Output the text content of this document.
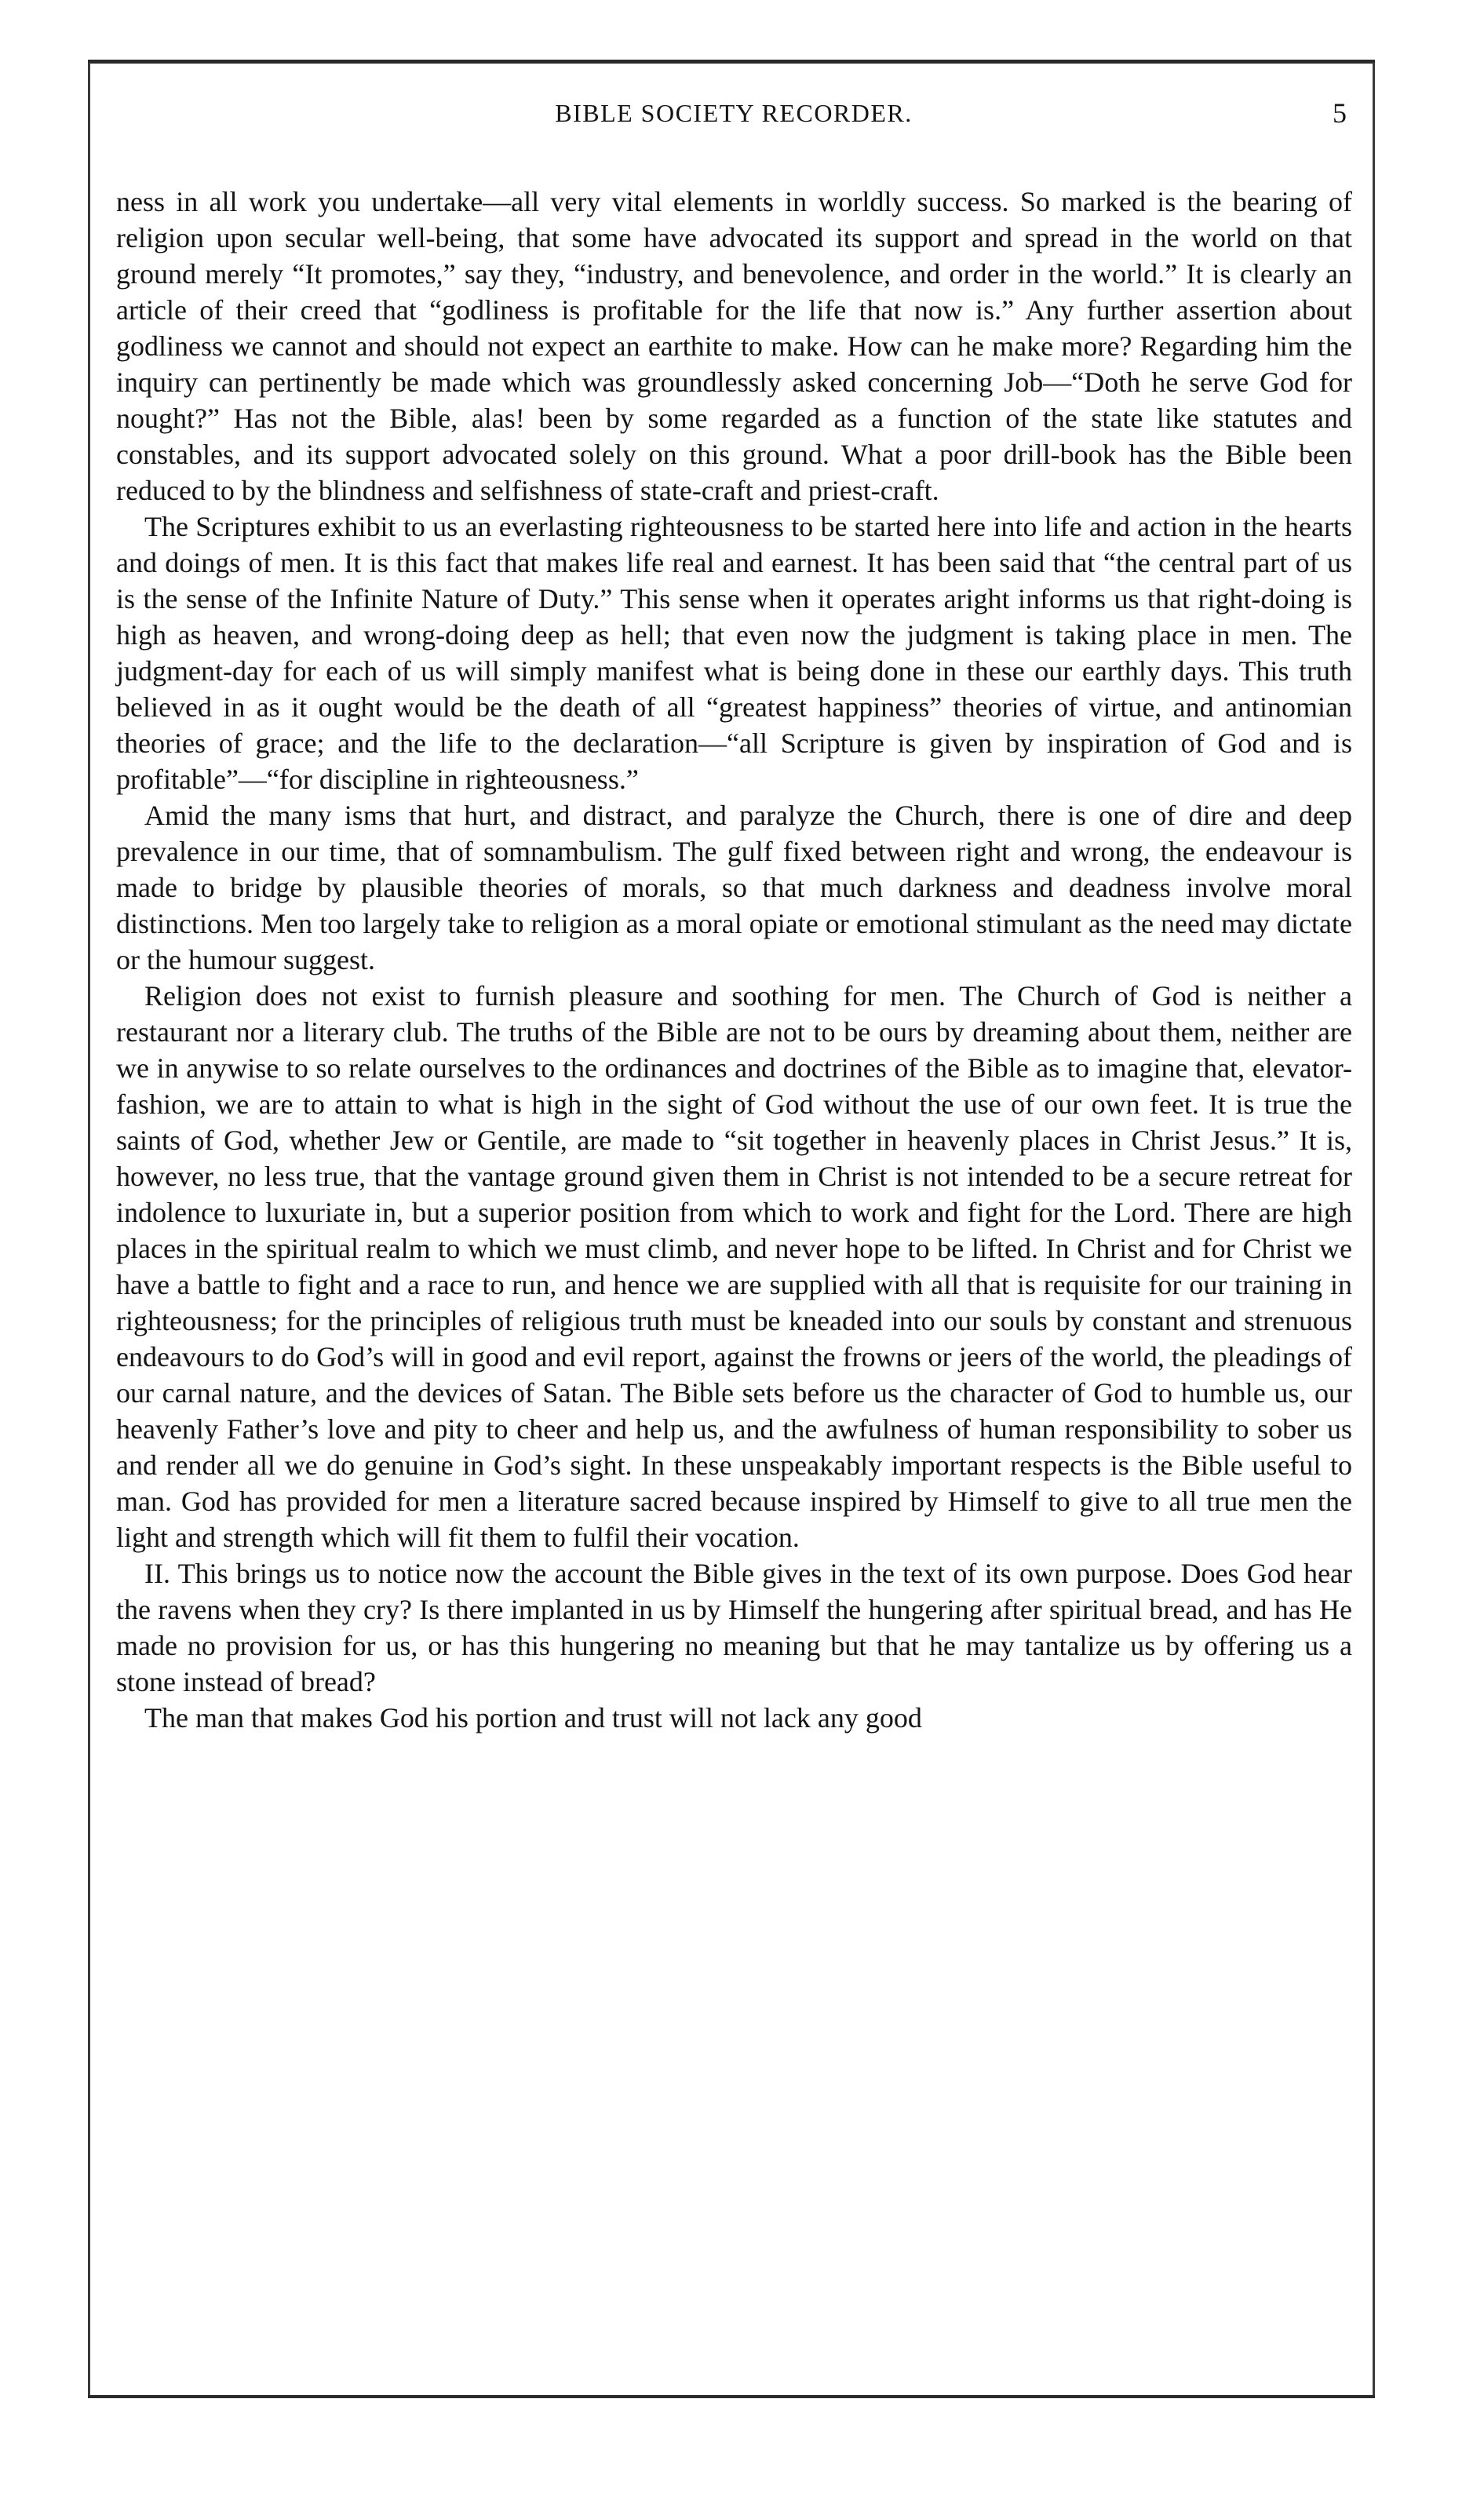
BIBLE SOCIETY RECORDER.	5

ness in all work you undertake—all very vital elements in worldly success. So marked is the bearing of religion upon secular well-being, that some have advocated its support and spread in the world on that ground merely “It promotes,” say they, “industry, and benevolence, and order in the world.” It is clearly an article of their creed that “godliness is profitable for the life that now is.” Any further assertion about godliness we cannot and should not expect an earthite to make. How can he make more? Regarding him the inquiry can pertinently be made which was groundlessly asked concerning Job—“Doth he serve God for nought?” Has not the Bible, alas! been by some regarded as a function of the state like statutes and constables, and its support advocated solely on this ground. What a poor drill-book has the Bible been reduced to by the blindness and selfishness of state-craft and priest-craft.

The Scriptures exhibit to us an everlasting righteousness to be started here into life and action in the hearts and doings of men. It is this fact that makes life real and earnest. It has been said that “the central part of us is the sense of the Infinite Nature of Duty.” This sense when it operates aright informs us that right-doing is high as heaven, and wrong-doing deep as hell; that even now the judgment is taking place in men. The judgment-day for each of us will simply manifest what is being done in these our earthly days. This truth believed in as it ought would be the death of all “greatest happiness” theories of virtue, and antinomian theories of grace; and the life to the declaration—“all Scripture is given by inspiration of God and is profitable”—“for discipline in righteousness.”

Amid the many isms that hurt, and distract, and paralyze the Church, there is one of dire and deep prevalence in our time, that of somnambulism. The gulf fixed between right and wrong, the endeavour is made to bridge by plausible theories of morals, so that much darkness and deadness involve moral distinctions. Men too largely take to religion as a moral opiate or emotional stimulant as the need may dictate or the humour suggest.

Religion does not exist to furnish pleasure and soothing for men. The Church of God is neither a restaurant nor a literary club. The truths of the Bible are not to be ours by dreaming about them, neither are we in anywise to so relate ourselves to the ordinances and doctrines of the Bible as to imagine that, elevator-fashion, we are to attain to what is high in the sight of God without the use of our own feet. It is true the saints of God, whether Jew or Gentile, are made to “sit together in heavenly places in Christ Jesus.” It is, however, no less true, that the vantage ground given them in Christ is not intended to be a secure retreat for indolence to luxuriate in, but a superior position from which to work and fight for the Lord. There are high places in the spiritual realm to which we must climb, and never hope to be lifted. In Christ and for Christ we have a battle to fight and a race to run, and hence we are supplied with all that is requisite for our training in righteousness; for the principles of religious truth must be kneaded into our souls by constant and strenuous endeavours to do God’s will in good and evil report, against the frowns or jeers of the world, the pleadings of our carnal nature, and the devices of Satan. The Bible sets before us the character of God to humble us, our heavenly Father’s love and pity to cheer and help us, and the awfulness of human responsibility to sober us and render all we do genuine in God’s sight. In these unspeakably important respects is the Bible useful to man. God has provided for men a literature sacred because inspired by Himself to give to all true men the light and strength which will fit them to fulfil their vocation.

II. This brings us to notice now the account the Bible gives in the text of its own purpose. Does God hear the ravens when they cry? Is there implanted in us by Himself the hungering after spiritual bread, and has He made no provision for us, or has this hungering no meaning but that he may tantalize us by offering us a stone instead of bread?

The man that makes God his portion and trust will not lack any good
